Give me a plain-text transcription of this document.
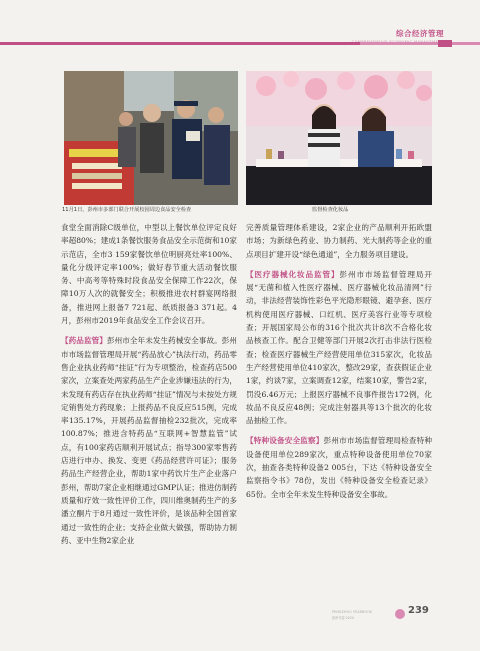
综合经济管理
11月1日，彭州市多部门联合开展校园周边食品安全检查	监督检查化妆品

食堂全面消除C级单位，中型以上餐饮单位评定良好率超80%；建成1条餐饮服务食品安全示范街和10家示范店，全市3 159家餐饮单位明厨亮灶率100%、量化分级评定率100%；做好春节重大活动餐饮服务、中高考等特殊时段食品安全保障工作22次，保障10万人次的就餐安全；积极推进农村群宴网络报备，推进网上报备7 721起、纸质报备3 371起。4月，彭州市2019年食品安全工作会议召开。

【药品监管】彭州市全年未发生药械安全事故。彭州市市场监督管理局开展“药品放心”执法行动，药品零售企业执业药师“挂证”行为专项整治，检查药店500家次，立案查处两家药品生产企业涉嫌违法的行为，未发现有药店存在执业药师“挂证”情况与未按处方规定销售处方药现象；上报药品不良反应515例，完成率135.17%，开展药品监督抽检232批次，完成率100.87%；推进含特药品“互联网+智慧监管”试点，有100家药店顺利开展试点；指导300家零售药店进行申办、换发、变更《药品经营许可证》；服务药品生产经营企业，帮助1家中药饮片生产企业落户彭州，帮助7家企业相继通过GMP认证；推进仿制药质量和疗效一致性评价工作，四川维奥制药生产的多潘立酮片于8月通过一致性评价，是该品种全国首家通过一致性的企业；支持企业做大做强，帮助协力制药、亚中生物2家企业

完善质量管理体系建设，2家企业的产品顺利开拓欧盟市场；为新绿色药业、协力制药、光大制药等企业的重点项目扩建开设“绿色通道”，全力服务项目建设。

【医疗器械化妆品监管】彭州市市场监督管理局开展“无菌和植入性医疗器械、医疗器械化妆品清网”行动，非法经营装饰性彩色平光隐形眼镜、避孕套、医疗机构使用医疗器械、口红机、医疗美容行业等专项检查；开展国家局公布的316个批次共计8次不合格化妆品核查工作。配合卫健等部门开展2次打击非法行医检查；检查医疗器械生产经营使用单位315家次，化妆品生产经营使用单位410家次，整改29家，查获假证企业1家，约谈7家，立案调查12家，结案10家，警告2家，罚没6.46万元；上报医疗器械不良事件报告172例，化妆品不良反应48例；完成注射器具等13个批次的化妆品抽检工作。

【特种设备安全监察】彭州市市场监督管理局检查特种设备使用单位289家次，重点特种设备使用单位70家次，抽查各类特种设备2 005台，下达《特种设备安全监察指令书》78份，发出《特种设备安全检查记录》65份。全市全年未发生特种设备安全事故。

PENGZHOU YEARBOOK
彭州年鉴·2020
239
